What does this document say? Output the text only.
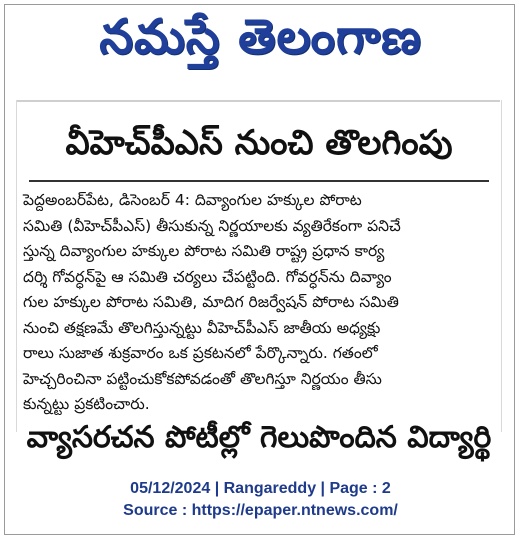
నమస్తే తెలంగాణ
వీహెచ్‌పీఎస్ నుంచి తొలగింపు
పెద్దఅంబర్‌పేట, డిసెంబర్ 4: దివ్యాంగుల హక్కుల పోరాట
సమితి (వీహెచ్‌పీఎస్) తీసుకున్న నిర్ణయాలకు వ్యతిరేకంగా పనిచే
స్తున్న దివ్యాంగుల హక్కుల పోరాట సమితి రాష్ట్ర ప్రధాన కార్య
దర్శి గోవర్ధన్‌పై ఆ సమితి చర్యలు చేపట్టింది. గోవర్ధన్‌ను దివ్యాం
గుల హక్కుల పోరాట సమితి, మాదిగ రిజర్వేషన్ పోరాట సమితి
నుంచి తక్షణమే తొలగిస్తున్నట్టు వీహెచ్‌పీఎస్ జాతీయ అధ్యక్షు
రాలు సుజాత శుక్రవారం ఒక ప్రకటనలో పేర్కొన్నారు. గతంలో
హెచ్చరించినా పట్టించుకోకపోవడంతో తొలగిస్తూ నిర్ణయం తీసు
కున్నట్టు ప్రకటించారు.
వ్యాసరచన పోటీల్లో గెలుపొందిన విద్యార్థి
05/12/2024 | Rangareddy | Page : 2
Source : https://epaper.ntnews.com/
